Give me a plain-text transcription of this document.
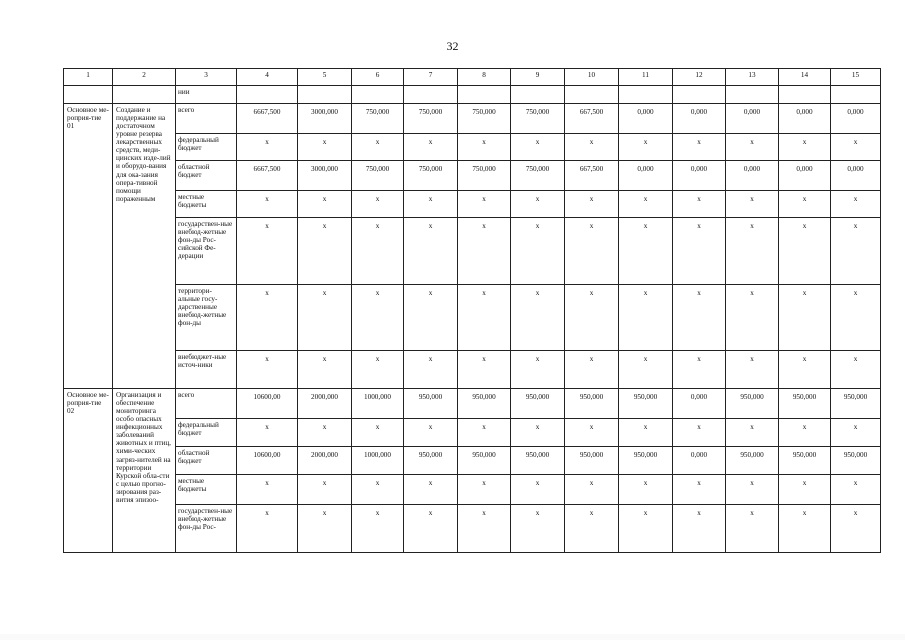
32
1	2	3	4	5	6	7	8	9	10	11	12	13	14	15
		нии												
Основное ме-роприя-тие 01	Создание и поддержание на достаточном уровне резерва лекарственных средств, меди-цинских изде-лий и оборудо-вания для ока-зания опера-тивной помощи пораженным	всего	6667,500	3000,000	750,000	750,000	750,000	750,000	667,500	0,000	0,000	0,000	0,000	0,000
		федеральный бюджет	х	х	х	х	х	х	х	х	х	х	х	х
		областной бюджет	6667,500	3000,000	750,000	750,000	750,000	750,000	667,500	0,000	0,000	0,000	0,000	0,000
		местные бюджеты	х	х	х	х	х	х	х	х	х	х	х	х
		государствен-ные внебюд-жетные фон-ды Рос-сийской Фе-дерации	х	х	х	х	х	х	х	х	х	х	х	х
		территори-альные госу-дарственные внебюд-жетные фон-ды	х	х	х	х	х	х	х	х	х	х	х	х
		внебюджет-ные источ-ники	х	х	х	х	х	х	х	х	х	х	х	х
Основное ме-роприя-тие 02	Организация и обеспечение мониторинга особо опасных инфекционных заболеваний животных и птиц, хими-ческих загряз-нителей на территории Курской обла-сти с целью прогно-зирования раз-вития эпизоо-	всего	10600,00	2000,000	1000,000	950,000	950,000	950,000	950,000	950,000	0,000	950,000	950,000	950,000
		федеральный бюджет	х	х	х	х	х	х	х	х	х	х	х	х
		областной бюджет	10600,00	2000,000	1000,000	950,000	950,000	950,000	950,000	950,000	0,000	950,000	950,000	950,000
		местные бюджеты	х	х	х	х	х	х	х	х	х	х	х	х
		государствен-ные внебюд-жетные фон-ды Рос-	х	х	х	х	х	х	х	х	х	х	х	х
